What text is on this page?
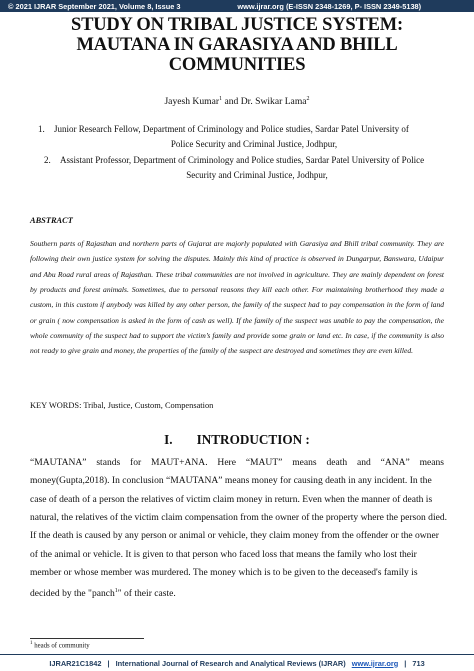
© 2021 IJRAR September 2021, Volume 8, Issue 3	www.ijrar.org (E-ISSN 2348-1269, P- ISSN 2349-5138)
STUDY ON TRIBAL JUSTICE SYSTEM:
MAUTANA IN GARASIYA AND BHILL
COMMUNITIES
Jayesh Kumar$^1$ and Dr. Swikar Lama$^2$
1. Junior Research Fellow, Department of Criminology and Police studies, Sardar Patel University of
Police Security and Criminal Justice, Jodhpur,
2. Assistant Professor, Department of Criminology and Police studies, Sardar Patel University of Police
Security and Criminal Justice, Jodhpur,
ABSTRACT
Southern parts of Rajasthan and northern parts of Gujarat are majorly populated with Garasiya and Bhill tribal community. They are following their own justice system for solving the disputes. Mainly this kind of practice is observed in Dungarpur, Banswara, Udaipur and Abu Road rural areas of Rajasthan. These tribal communities are not involved in agriculture. They are mainly dependent on forest by products and forest animals. Sometimes, due to personal reasons they kill each other. For maintaining brotherhood they made a custom, in this custom if anybody was killed by any other person, the family of the suspect had to pay compensation in the form of land or grain ( now compensation is asked in the form of cash as well). If the family of the suspect was unable to pay the compensation, the whole community of the suspect had to support the victim’s family and provide some grain or land etc. In case, if the community is also not ready to give grain and money, the properties of the family of the suspect are destroyed and sometimes they are even killed.
KEY WORDS: Tribal, Justice, Custom, Compensation
I. INTRODUCTION :
“MAUTANA” stands for MAUT+ANA. Here “MAUT” means death and “ANA” means
money(Gupta,2018). In conclusion “MAUTANA” means money for causing death in any incident. In the
case of death of a person the relatives of victim claim money in return. Even when the manner of death is
natural, the relatives of the victim claim compensation from the owner of the property where the person died.
If the death is caused by any person or animal or vehicle, they claim money from the offender or the owner
of the animal or vehicle. It is given to that person who faced loss that means the family who lost their
member or whose member was murdered. The money which is to be given to the deceased's family is
decided by the "panch$^1$" of their caste.
$^1$ heads of community
IJRAR21C1842 | International Journal of Research and Analytical Reviews (IJRAR) www.ijrar.org | 713
